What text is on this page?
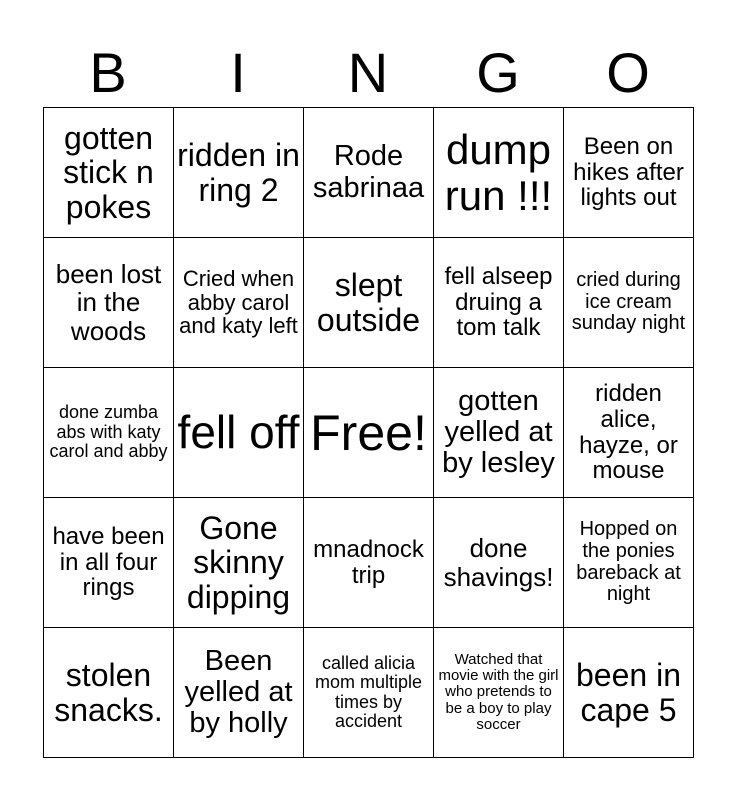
B	I	N	G	O
gotten stick n pokes	ridden in ring 2	Rode sabrinaa	dump run !!!	Been on hikes after lights out
been lost in the woods	Cried when abby carol and katy left	slept outside	fell alseep druing a tom talk	cried during ice cream sunday night
done zumba abs with katy carol and abby	fell off	Free!	gotten yelled at by lesley	ridden alice, hayze, or mouse
have been in all four rings	Gone skinny dipping	mnadnock trip	done shavings!	Hopped on the ponies bareback at night
stolen snacks.	Been yelled at by holly	called alicia mom multiple times by accident	Watched that movie with the girl who pretends to be a boy to play soccer	been in cape 5
